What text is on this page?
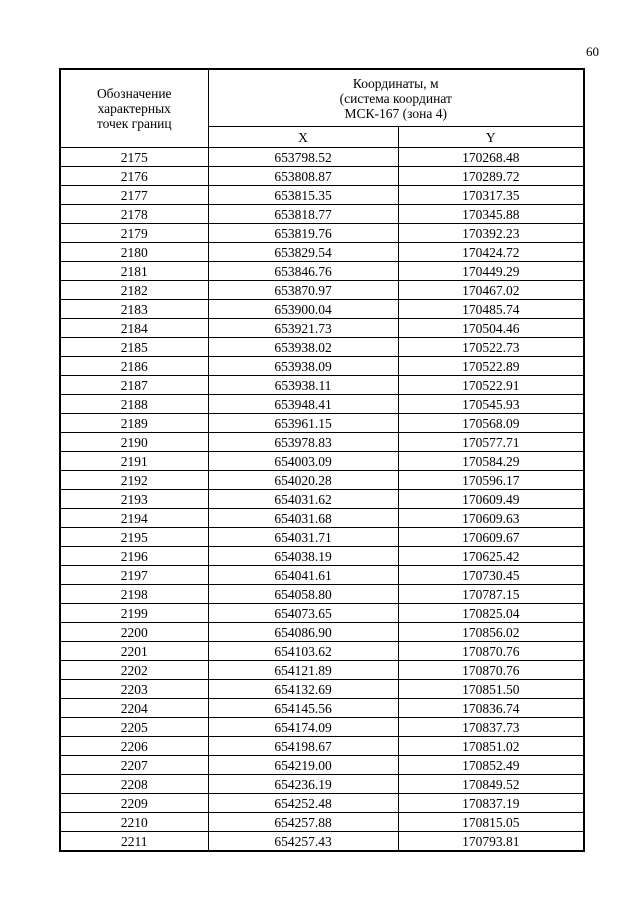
60
Обозначение
характерных
точек границ	Координаты, м
(система координат
МСК-167 (зона 4)	
	X	Y
2175	653798.52	170268.48
2176	653808.87	170289.72
2177	653815.35	170317.35
2178	653818.77	170345.88
2179	653819.76	170392.23
2180	653829.54	170424.72
2181	653846.76	170449.29
2182	653870.97	170467.02
2183	653900.04	170485.74
2184	653921.73	170504.46
2185	653938.02	170522.73
2186	653938.09	170522.89
2187	653938.11	170522.91
2188	653948.41	170545.93
2189	653961.15	170568.09
2190	653978.83	170577.71
2191	654003.09	170584.29
2192	654020.28	170596.17
2193	654031.62	170609.49
2194	654031.68	170609.63
2195	654031.71	170609.67
2196	654038.19	170625.42
2197	654041.61	170730.45
2198	654058.80	170787.15
2199	654073.65	170825.04
2200	654086.90	170856.02
2201	654103.62	170870.76
2202	654121.89	170870.76
2203	654132.69	170851.50
2204	654145.56	170836.74
2205	654174.09	170837.73
2206	654198.67	170851.02
2207	654219.00	170852.49
2208	654236.19	170849.52
2209	654252.48	170837.19
2210	654257.88	170815.05
2211	654257.43	170793.81
